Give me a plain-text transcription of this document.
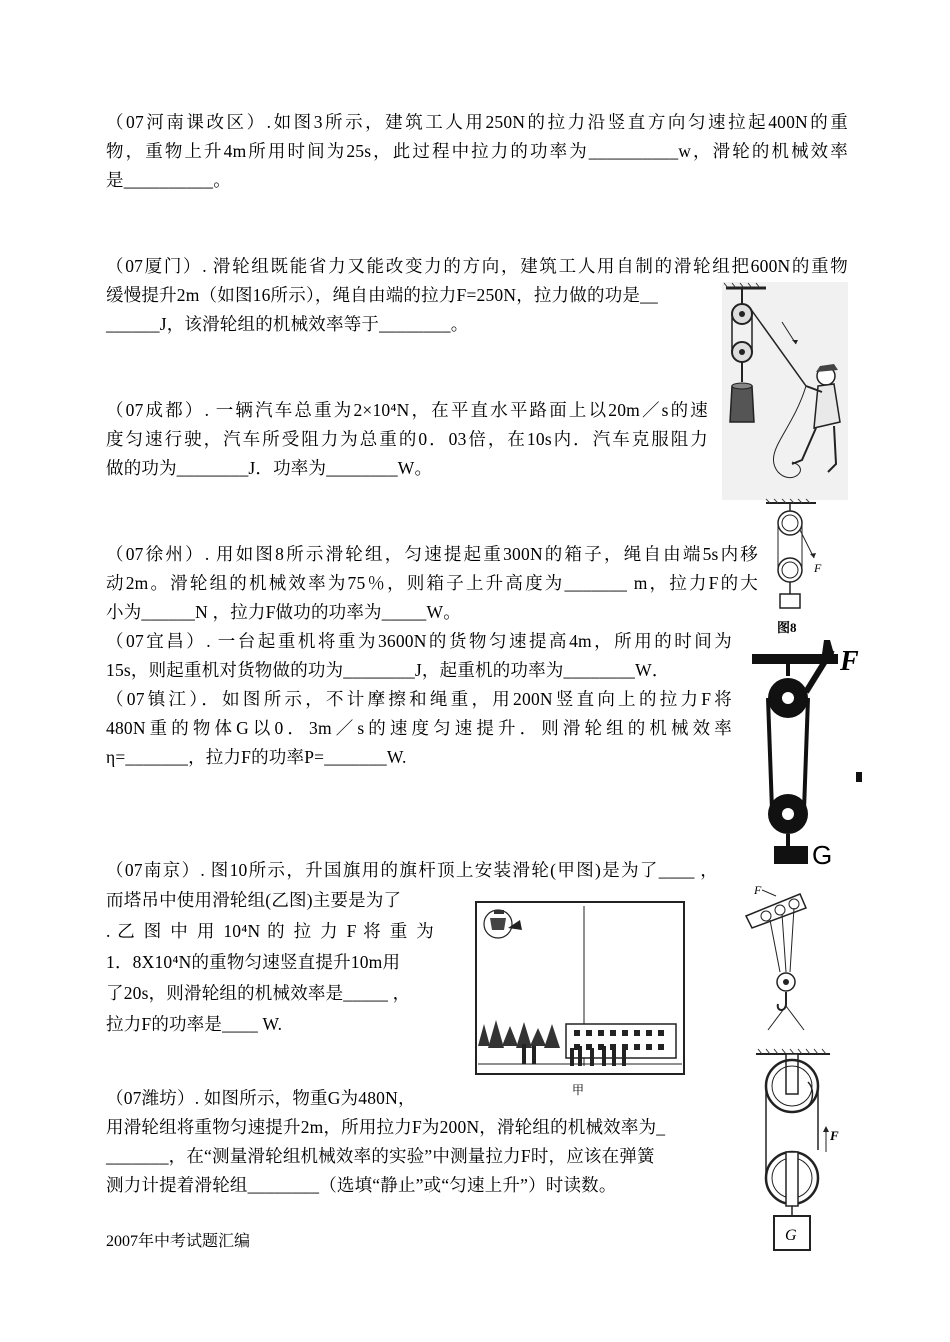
（07河南课改区）.如图3所示，建筑工人用250N的拉力沿竖直方向匀速拉起400N的重
物，重物上升4m所用时间为25s，此过程中拉力的功率为__________w，滑轮的机械效率
是__________。
（07厦门）. 滑轮组既能省力又能改变力的方向，建筑工人用自制的滑轮组把600N的重物
缓慢提升2m（如图16所示），绳自由端的拉力F=250N，拉力做的功是__
______J，该滑轮组的机械效率等于________。
（07成都）. 一辆汽车总重为2×10⁴N，在平直水平路面上以20m／s的速
度匀速行驶，汽车所受阻力为总重的0．03倍，在10s内．汽车克服阻力
做的功为________J．功率为________W。
（07徐州）. 用如图8所示滑轮组，匀速提起重300N的箱子，绳自由端5s内移
动2m。滑轮组的机械效率为75％，则箱子上升高度为_______ m，拉力F的大
小为______N ，拉力F做功的功率为_____W。
（07宜昌）. 一台起重机将重为3600N的货物匀速提高4m，所用的时间为
15s，则起重机对货物做的功为________J，起重机的功率为________W．
（07镇江）．如图所示，不计摩擦和绳重，用200N竖直向上的拉力F将
480N重的物体G以0．3m／s的速度匀速提升．则滑轮组的机械效率
η=_______，拉力F的功率P=_______W.
（07南京）. 图10所示，升国旗用的旗杆顶上安装滑轮(甲图)是为了____ ，
而塔吊中使用滑轮组(乙图)主要是为了
. 乙 图 中 用 10⁴N 的 拉 力 F 将 重 为
1．8X10⁴N的重物匀速竖直提升10m用
了20s，则滑轮组的机械效率是_____ ，
拉力F的功率是____ W.
（07潍坊）. 如图所示，物重G为480N，
用滑轮组将重物匀速提升2m，所用拉力F为200N，滑轮组的机械效率为_
_______，在“测量滑轮组机械效率的实验”中测量拉力F时，应该在弹簧
测力计提着滑轮组________（选填“静止”或“匀速上升”）时读数。
2007年中考试题汇编
F
图8
F
G
甲
F
F
G
